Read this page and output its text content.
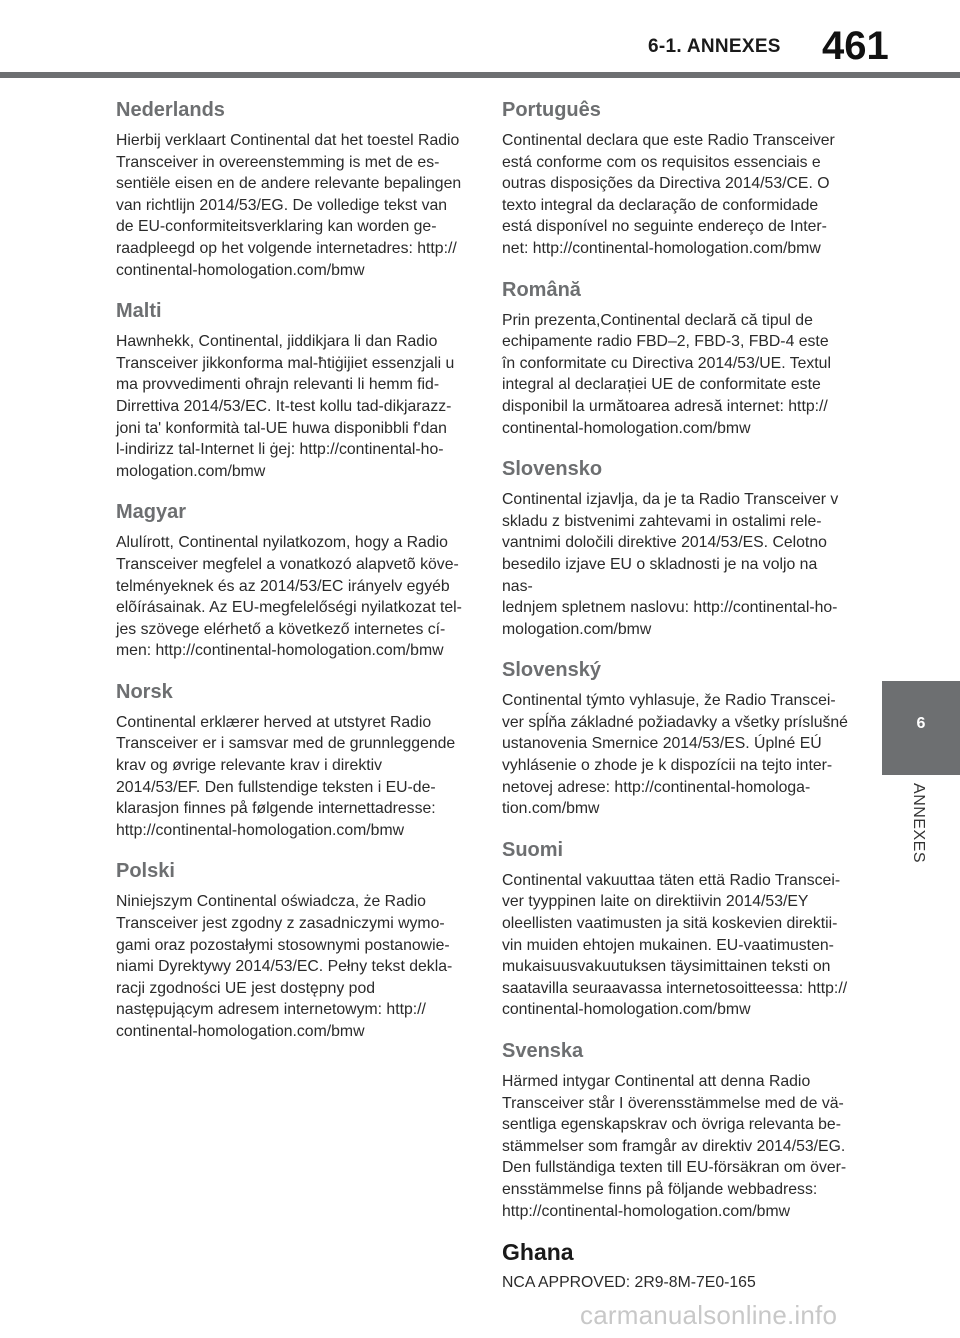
6-1. ANNEXES 461
Nederlands
Hierbij verklaart Continental dat het toestel Radio
Transceiver in overeenstemming is met de es-
sentiële eisen en de andere relevante bepalingen
van richtlijn 2014/53/EG. De volledige tekst van
de EU-conformiteitsverklaring kan worden ge-
raadpleegd op het volgende internetadres: http://
continental-homologation.com/bmw
Malti
Hawnhekk, Continental, jiddikjara li dan Radio
Transceiver jikkonforma mal-ħtiġijiet essenzjali u
ma provvedimenti oħrajn relevanti li hemm fid-
Dirrettiva 2014/53/EC. It-test kollu tad-dikjarazz-
joni ta' konformità tal-UE huwa disponibbli f'dan
l-indirizz tal-Internet li ġej: http://continental-ho-
mologation.com/bmw
Magyar
Alulírott, Continental nyilatkozom, hogy a Radio
Transceiver megfelel a vonatkozó alapvetõ köve-
telményeknek és az 2014/53/EC irányelv egyéb
elõírásainak. Az EU-megfelelőségi nyilatkozat tel-
jes szövege elérhető a következő internetes cí-
men: http://continental-homologation.com/bmw
Norsk
Continental erklærer herved at utstyret Radio
Transceiver er i samsvar med de grunnleggende
krav og øvrige relevante krav i direktiv
2014/53/EF. Den fullstendige teksten i EU-de-
klarasjon finnes på følgende internettadresse:
http://continental-homologation.com/bmw
Polski
Niniejszym Continental oświadcza, że Radio
Transceiver jest zgodny z zasadniczymi wymo-
gami oraz pozostałymi stosownymi postanowie-
niami Dyrektywy 2014/53/EC. Pełny tekst dekla-
racji zgodności UE jest dostępny pod
następującym adresem internetowym: http://
continental-homologation.com/bmw
Português
Continental declara que este Radio Transceiver
está conforme com os requisitos essenciais e
outras disposições da Directiva 2014/53/CE. O
texto integral da declaração de conformidade
está disponível no seguinte endereço de Inter-
net: http://continental-homologation.com/bmw
Română
Prin prezenta,Continental declară că tipul de
echipamente radio FBD–2, FBD-3, FBD-4 este
în conformitate cu Directiva 2014/53/UE. Textul
integral al declarației UE de conformitate este
disponibil la următoarea adresă internet: http://
continental-homologation.com/bmw
Slovensko
Continental izjavlja, da je ta Radio Transceiver v
skladu z bistvenimi zahtevami in ostalimi rele-
vantnimi določili direktive 2014/53/ES. Celotno
besedilo izjave EU o skladnosti je na voljo na nas-
lednjem spletnem naslovu: http://continental-ho-
mologation.com/bmw
Slovenský
Continental týmto vyhlasuje, že Radio Transcei-
ver spĺňa základné požiadavky a všetky príslušné
ustanovenia Smernice 2014/53/ES. Úplné EÚ
vyhlásenie o zhode je k dispozícii na tejto inter-
netovej adrese: http://continental-homologa-
tion.com/bmw
Suomi
Continental vakuuttaa täten että Radio Transcei-
ver tyyppinen laite on direktiivin 2014/53/EY
oleellisten vaatimusten ja sitä koskevien direktii-
vin muiden ehtojen mukainen. EU-vaatimusten-
mukaisuusvakuutuksen täysimittainen teksti on
saatavilla seuraavassa internetosoitteessa: http://
continental-homologation.com/bmw
Svenska
Härmed intygar Continental att denna Radio
Transceiver står I överensstämmelse med de vä-
sentliga egenskapskrav och övriga relevanta be-
stämmelser som framgår av direktiv 2014/53/EG.
Den fullständiga texten till EU-försäkran om över-
ensstämmelse finns på följande webbadress:
http://continental-homologation.com/bmw
Ghana
NCA APPROVED: 2R9-8M-7E0-165
6
ANNEXES
carmanualsonline.info
